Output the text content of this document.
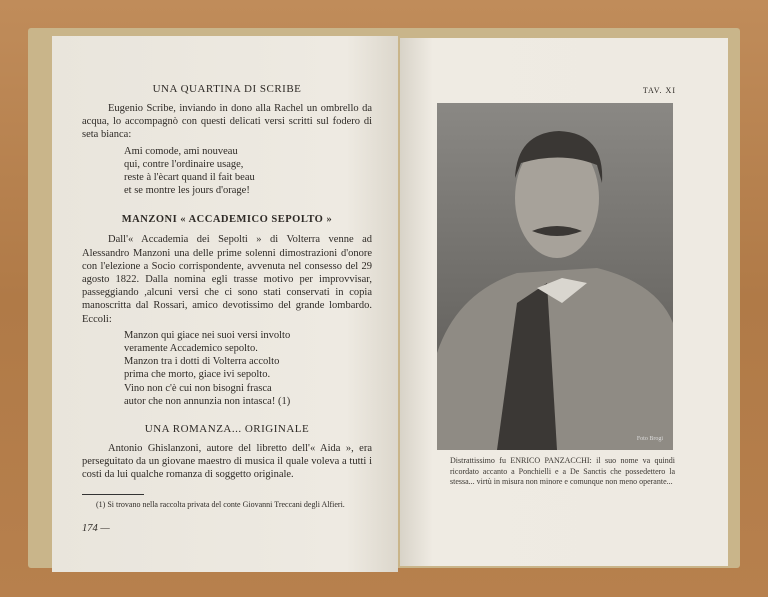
UNA QUARTINA DI SCRIBE
Eugenio Scribe, inviando in dono alla Rachel un ombrello da acqua, lo accompagnò con questi delicati versi scritti sul fodero di seta bianca:
Ami comode, ami nouveau
qui, contre l'ordinaire usage,
reste à l'ècart quand il fait beau
et se montre les jours d'orage!
MANZONI « ACCADEMICO SEPOLTO »
Dall'« Accademia dei Sepolti » di Volterra venne ad Alessandro Manzoni una delle prime solenni dimostrazioni d'onore con l'elezione a Socio corrispondente, avvenuta nel consesso del 29 agosto 1822. Dalla nomina egli trasse motivo per improvvisar, passeggiando ,alcuni versi che ci sono stati conservati in copia manoscritta dal Rossari, amico devotissimo del grande lombardo. Eccoli:
Manzon qui giace nei suoi versi involto
veramente Accademico sepolto.
Manzon tra i dotti di Volterra accolto
prima che morto, giace ivi sepolto.
Vino non c'è cui non bisogni frasca
autor che non annunzia non intasca! (1)
UNA ROMANZA... ORIGINALE
Antonio Ghislanzoni, autore del libretto dell'« Aida », era perseguitato da un giovane maestro di musica il quale voleva a tutti i costi da lui qualche romanza di soggetto originale.
(1) Si trovano nella raccolta privata del conte Giovanni Treccani degli Alfieri.
174 —
TAV. XI
Foto Brogi
Distrattissimo fu ENRICO PANZACCHI: il suo nome va quindi ricordato accanto a Ponchielli e a De Sanctis che possedettero la stessa... virtù in misura non minore e comunque non meno operante...
